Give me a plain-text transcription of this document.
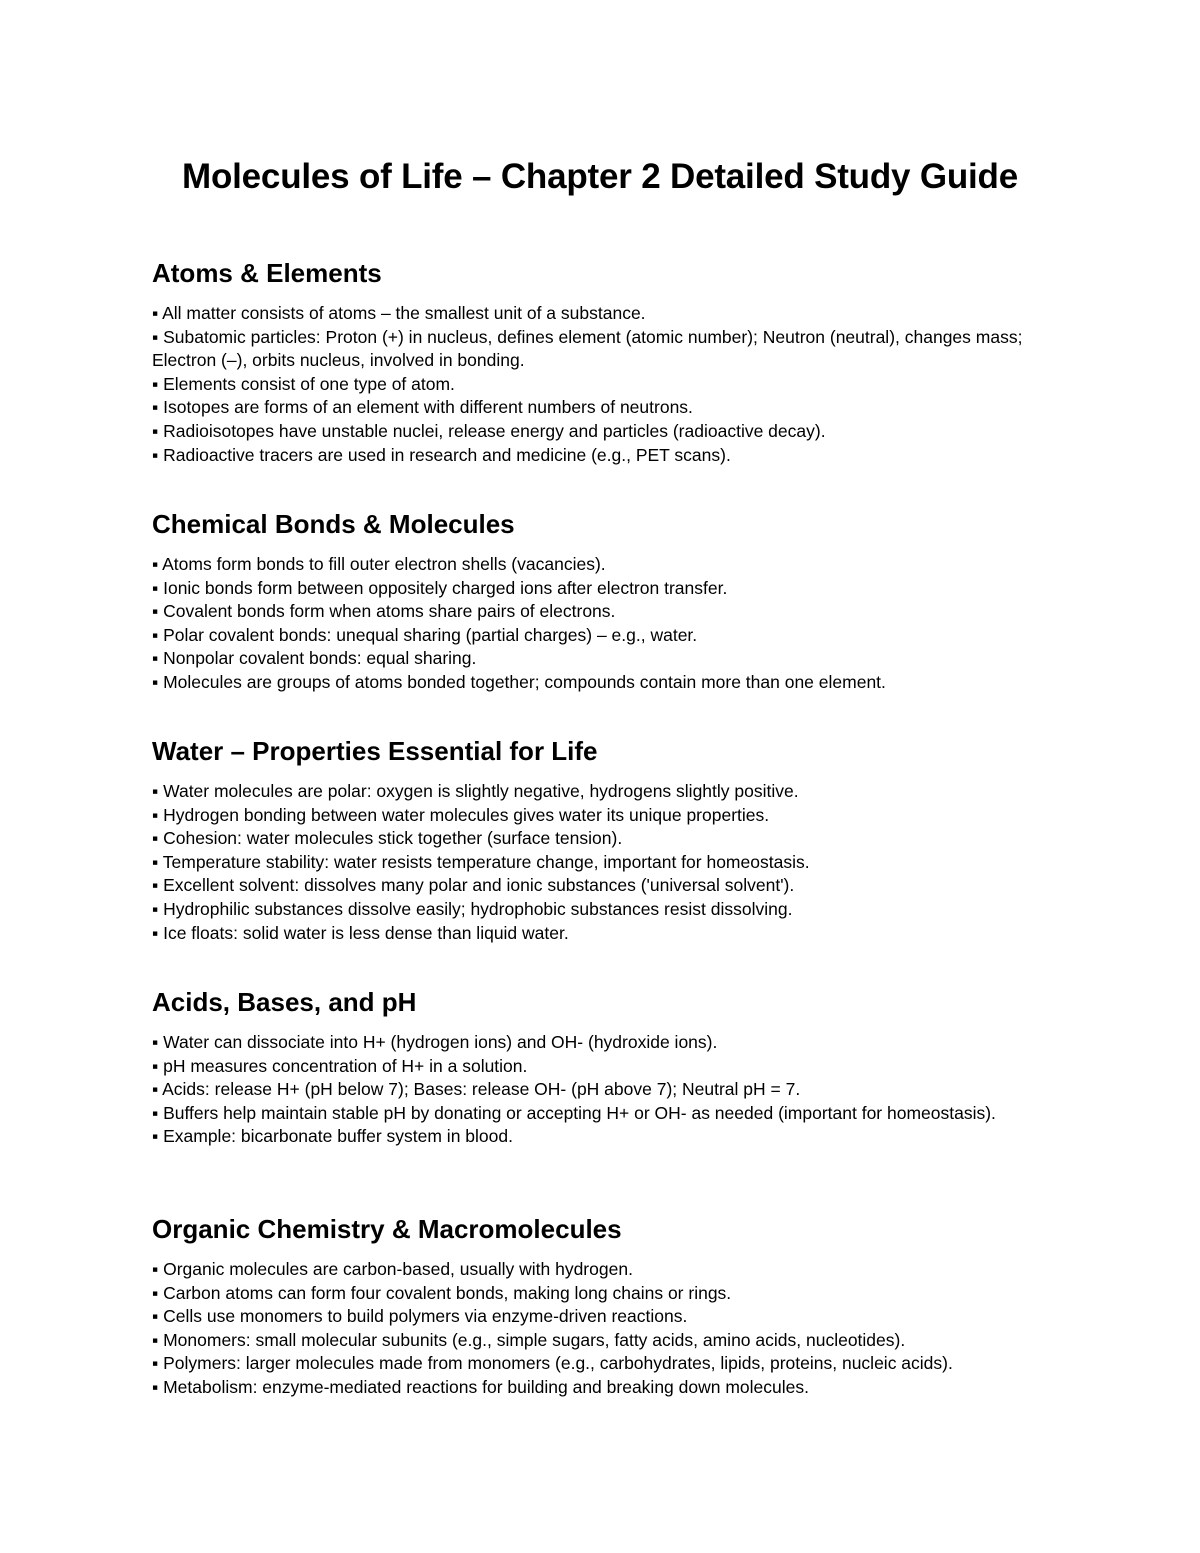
Molecules of Life – Chapter 2 Detailed Study Guide
Atoms & Elements
▪ All matter consists of atoms – the smallest unit of a substance.
▪ Subatomic particles: Proton (+) in nucleus, defines element (atomic number); Neutron (neutral), changes mass; Electron (–), orbits nucleus, involved in bonding.
▪ Elements consist of one type of atom.
▪ Isotopes are forms of an element with different numbers of neutrons.
▪ Radioisotopes have unstable nuclei, release energy and particles (radioactive decay).
▪ Radioactive tracers are used in research and medicine (e.g., PET scans).
Chemical Bonds & Molecules
▪ Atoms form bonds to fill outer electron shells (vacancies).
▪ Ionic bonds form between oppositely charged ions after electron transfer.
▪ Covalent bonds form when atoms share pairs of electrons.
▪ Polar covalent bonds: unequal sharing (partial charges) – e.g., water.
▪ Nonpolar covalent bonds: equal sharing.
▪ Molecules are groups of atoms bonded together; compounds contain more than one element.
Water – Properties Essential for Life
▪ Water molecules are polar: oxygen is slightly negative, hydrogens slightly positive.
▪ Hydrogen bonding between water molecules gives water its unique properties.
▪ Cohesion: water molecules stick together (surface tension).
▪ Temperature stability: water resists temperature change, important for homeostasis.
▪ Excellent solvent: dissolves many polar and ionic substances ('universal solvent').
▪ Hydrophilic substances dissolve easily; hydrophobic substances resist dissolving.
▪ Ice floats: solid water is less dense than liquid water.
Acids, Bases, and pH
▪ Water can dissociate into H+ (hydrogen ions) and OH- (hydroxide ions).
▪ pH measures concentration of H+ in a solution.
▪ Acids: release H+ (pH below 7); Bases: release OH- (pH above 7); Neutral pH = 7.
▪ Buffers help maintain stable pH by donating or accepting H+ or OH- as needed (important for homeostasis).
▪ Example: bicarbonate buffer system in blood.
Organic Chemistry & Macromolecules
▪ Organic molecules are carbon-based, usually with hydrogen.
▪ Carbon atoms can form four covalent bonds, making long chains or rings.
▪ Cells use monomers to build polymers via enzyme-driven reactions.
▪ Monomers: small molecular subunits (e.g., simple sugars, fatty acids, amino acids, nucleotides).
▪ Polymers: larger molecules made from monomers (e.g., carbohydrates, lipids, proteins, nucleic acids).
▪ Metabolism: enzyme-mediated reactions for building and breaking down molecules.
